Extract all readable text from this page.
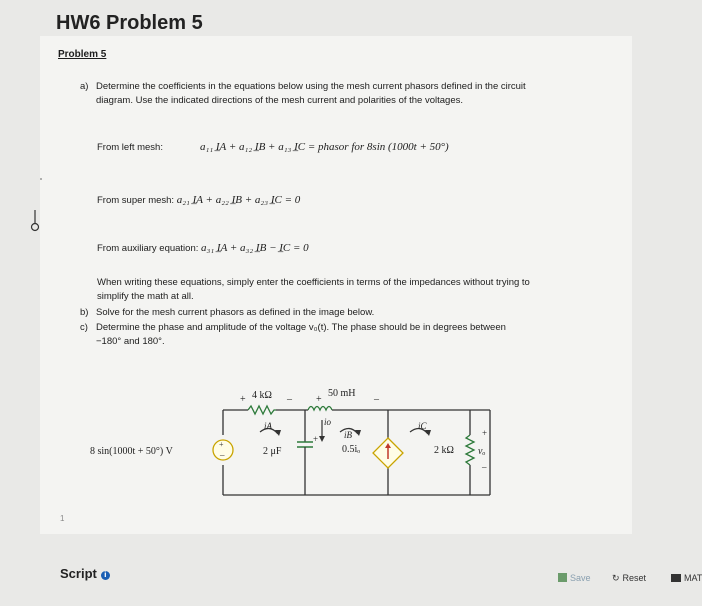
HW6 Problem 5
Problem 5
a) Determine the coefficients in the equations below using the mesh current phasors defined in the circuit diagram. Use the indicated directions of the mesh current and polarities of the voltages.
From left mesh:	a₁₁ I̲A + a₁₂ I̲B + a₁₃ I̲C = phasor for 8sin (1000t + 50°)
From super mesh: a₂₁ I̲A + a₂₂ I̲B + a₂₃ I̲C = 0
From auxiliary equation: a₃₁ I̲A + a₃₂ I̲B − I̲C = 0
When writing these equations, simply enter the coefficients in terms of the impedances without trying to simplify the math at all.
b) Solve for the mesh current phasors as defined in the image below.
c) Determine the phase and amplitude of the voltage v₀(t). The phase should be in degrees between −180° and 180°.
+
–
8 sin(1000t + 50°) V
4 kΩ
+	–
50 mH
+	–
2 μF	0.5iₒ	2 kΩ
iA
iB
iC
io
+
+
vₒ
–
1
Script i	Save ↻ Reset	MAT
